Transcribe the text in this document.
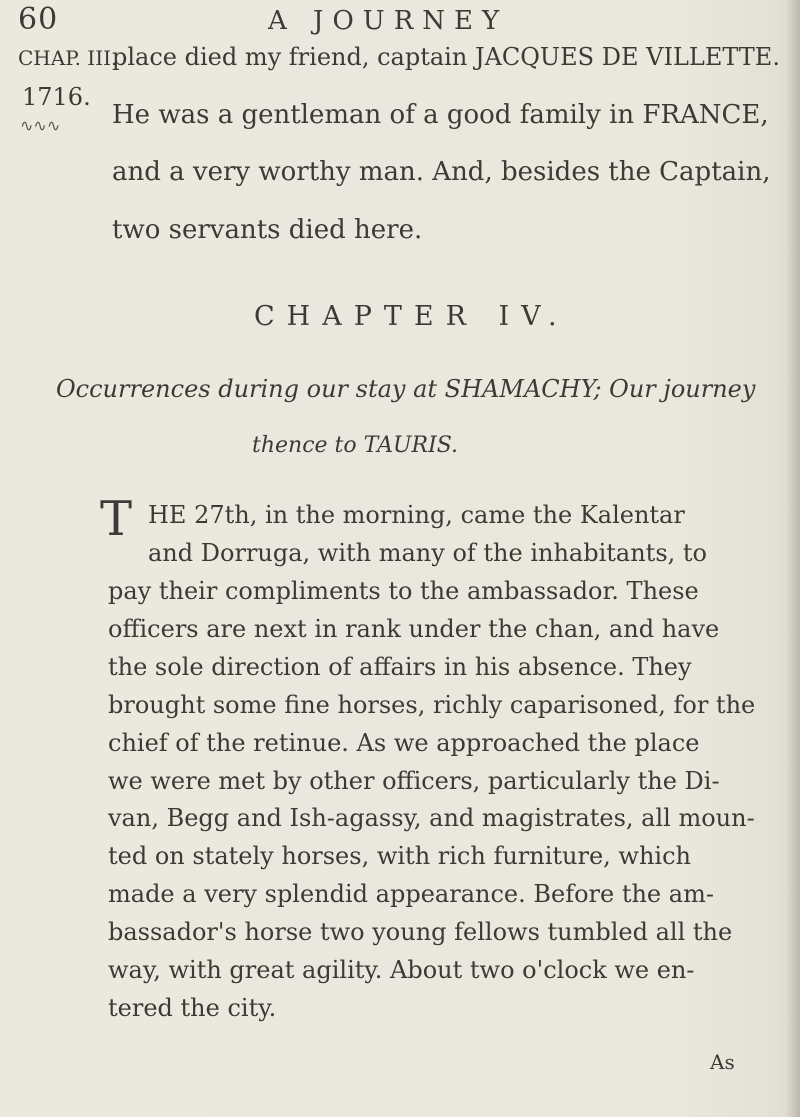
60	A JOURNEY
CHAP. III.
1716.
∿∿∿
place died my friend, captain JACQUES DE VILLETTE.
He was a gentleman of a good family in FRANCE,
and a very worthy man. And, besides the Captain,
two servants died here.
CHAPTER IV.
Occurrences during our stay at SHAMACHY; Our journey
thence to TAURIS.
T HE 27th, in the morning, came the Kalentar
and Dorruga, with many of the inhabitants, to
pay their compliments to the ambassador. These
officers are next in rank under the chan, and have
the sole direction of affairs in his absence. They
brought some fine horses, richly caparisoned, for the
chief of the retinue. As we approached the place
we were met by other officers, particularly the Di-
van, Begg and Ish-agassy, and magistrates, all moun-
ted on stately horses, with rich furniture, which
made a very splendid appearance. Before the am-
bassador's horse two young fellows tumbled all the
way, with great agility. About two o'clock we en-
tered the city.
As
